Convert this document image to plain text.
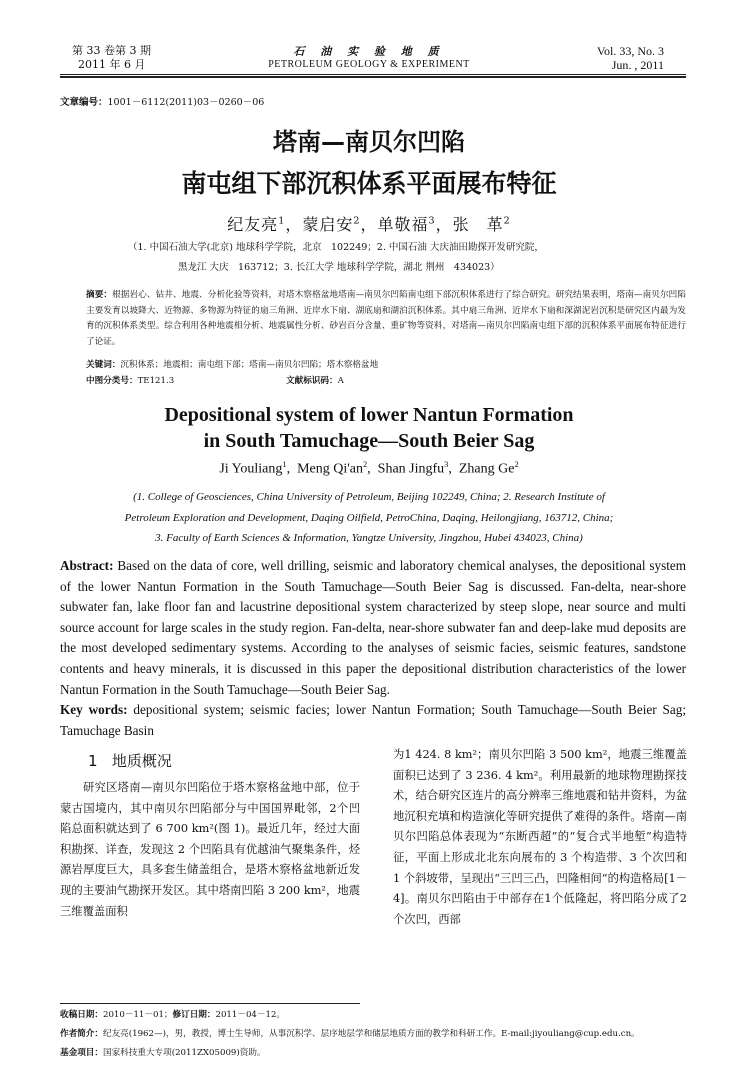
第 33 卷第 3 期
2011 年 6 月
石 油 实 验 地 质
PETROLEUM GEOLOGY & EXPERIMENT
Vol. 33, No. 3
Jun. , 2011
文章编号：1001－6112(2011)03－0260－06
塔南—南贝尔凹陷
南屯组下部沉积体系平面展布特征
纪友亮$^1$，蒙启安$^2$，单敬福$^3$，张　革$^2$
（1. 中国石油大学(北京) 地球科学学院，北京　102249；2. 中国石油 大庆油田勘探开发研究院，
黑龙江 大庆　163712；3. 长江大学 地球科学学院，湖北 荆州　434023）
摘要：根据岩心、钻井、地震、分析化验等资料，对塔木察格盆地塔南—南贝尔凹陷南屯组下部沉积体系进行了综合研究。研究结果表明，塔南—南贝尔凹陷主要发育以坡降大、近物源、多物源为特征的扇三角洲、近岸水下扇、湖底扇和湖泊沉积体系。其中扇三角洲、近岸水下扇和深湖泥岩沉积是研究区内最为发育的沉积体系类型。综合利用各种地震相分析、地震属性分析、砂岩百分含量、重矿物等资料，对塔南—南贝尔凹陷南屯组下部的沉积体系平面展布特征进行了论证。
关键词：沉积体系；地震相；南屯组下部；塔南—南贝尔凹陷；塔木察格盆地
中图分类号：TE121.3	文献标识码：A
Depositional system of lower Nantun Formation
in South Tamuchage—South Beier Sag
Ji Youliang$^1$,  Meng $Qi'an^2$,  Shan Jingfu$^3$,  Zhang Ge$^2$
(1. College of Geosciences, China University of Petroleum, Beijing 102249, China; 2. Research Institute of
Petroleum Exploration and Development, Daqing Oilfield, PetroChina, Daqing, Heilongjiang, 163712, China;
3. Faculty of Earth Sciences & Information, Yangtze University, Jingzhou, Hubei 434023, China)
Abstract: Based on the data of core, well drilling, seismic and laboratory chemical analyses, the depositional system of the lower Nantun Formation in the South Tamuchage—South Beier Sag is discussed. Fan-delta, near-shore subwater fan, lake floor fan and lacustrine depositional system characterized by steep slope, near source and multi source account for large scales in the study region. Fan-delta, near-shore subwater fan and deep-lake mud deposits are the most developed sedimentary systems. According to the analyses of seismic facies, seismic features, sandstone contents and heavy minerals, it is discussed in this paper the depositional distribution characteristics of the lower Nantun Formation in the South Tamuchage—South Beier Sag.
Key words: depositional system; seismic facies; lower Nantun Formation; South Tamuchage—South Beier Sag; Tamuchage Basin
1 地质概况
研究区塔南—南贝尔凹陷位于塔木察格盆地中部，位于蒙古国境内，其中南贝尔凹陷部分与中国国界毗邻，2个凹陷总面积就达到了 6 700 km²(图 1)。最近几年，经过大面积勘探、详查，发现这 2 个凹陷具有优越油气聚集条件，烃源岩厚度巨大，具多套生储盖组合，是塔木察格盆地新近发现的主要油气勘探开发区。其中塔南凹陷 3 200 km²，地震三维覆盖面积
为1 424. 8 km²；南贝尔凹陷 3 500 km²，地震三维覆盖面积已达到了 3 236. 4 km²。利用最新的地球物理勘探技术，结合研究区连片的高分辨率三维地震和钻井资料，为盆地沉积充填和构造演化等研究提供了难得的条件。塔南—南贝尔凹陷总体表现为“东断西超”的“复合式半地堑”构造特征，平面上形成北北东向展布的 3 个构造带、3 个次凹和 1 个斜坡带，呈现出“三凹三凸，凹隆相间”的构造格局[1－4]。南贝尔凹陷由于中部存在1个低隆起，将凹陷分成了2个次凹，西部
收稿日期：2010－11－01；修订日期：2011－04－12。
作者简介：纪友亮(1962—)，男，教授，博士生导师，从事沉积学、层序地层学和储层地质方面的教学和科研工作。E-mail:jiyouliang@cup.edu.cn。
基金项目：国家科技重大专项(2011ZX05009)资助。
